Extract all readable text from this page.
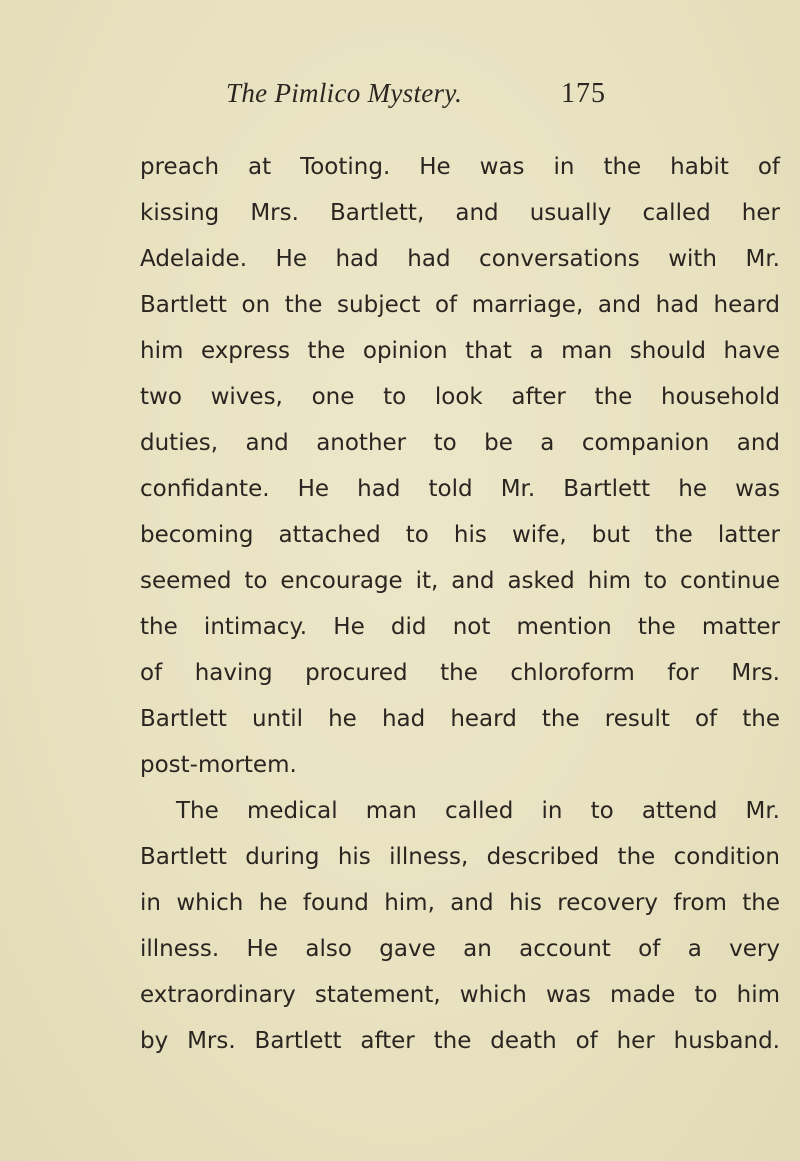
The Pimlico Mystery.	175
preach at Tooting. He was in the habit of
kissing Mrs. Bartlett, and usually called her
Adelaide. He had had conversations with Mr.
Bartlett on the subject of marriage, and had heard
him express the opinion that a man should have
two wives, one to look after the household
duties, and another to be a companion and
confidante. He had told Mr. Bartlett he was
becoming attached to his wife, but the latter
seemed to encourage it, and asked him to continue
the intimacy. He did not mention the matter
of having procured the chloroform for Mrs.
Bartlett until he had heard the result of the
post-mortem.
The medical man called in to attend Mr.
Bartlett during his illness, described the condition
in which he found him, and his recovery from the
illness. He also gave an account of a very
extraordinary statement, which was made to him
by Mrs. Bartlett after the death of her husband.
